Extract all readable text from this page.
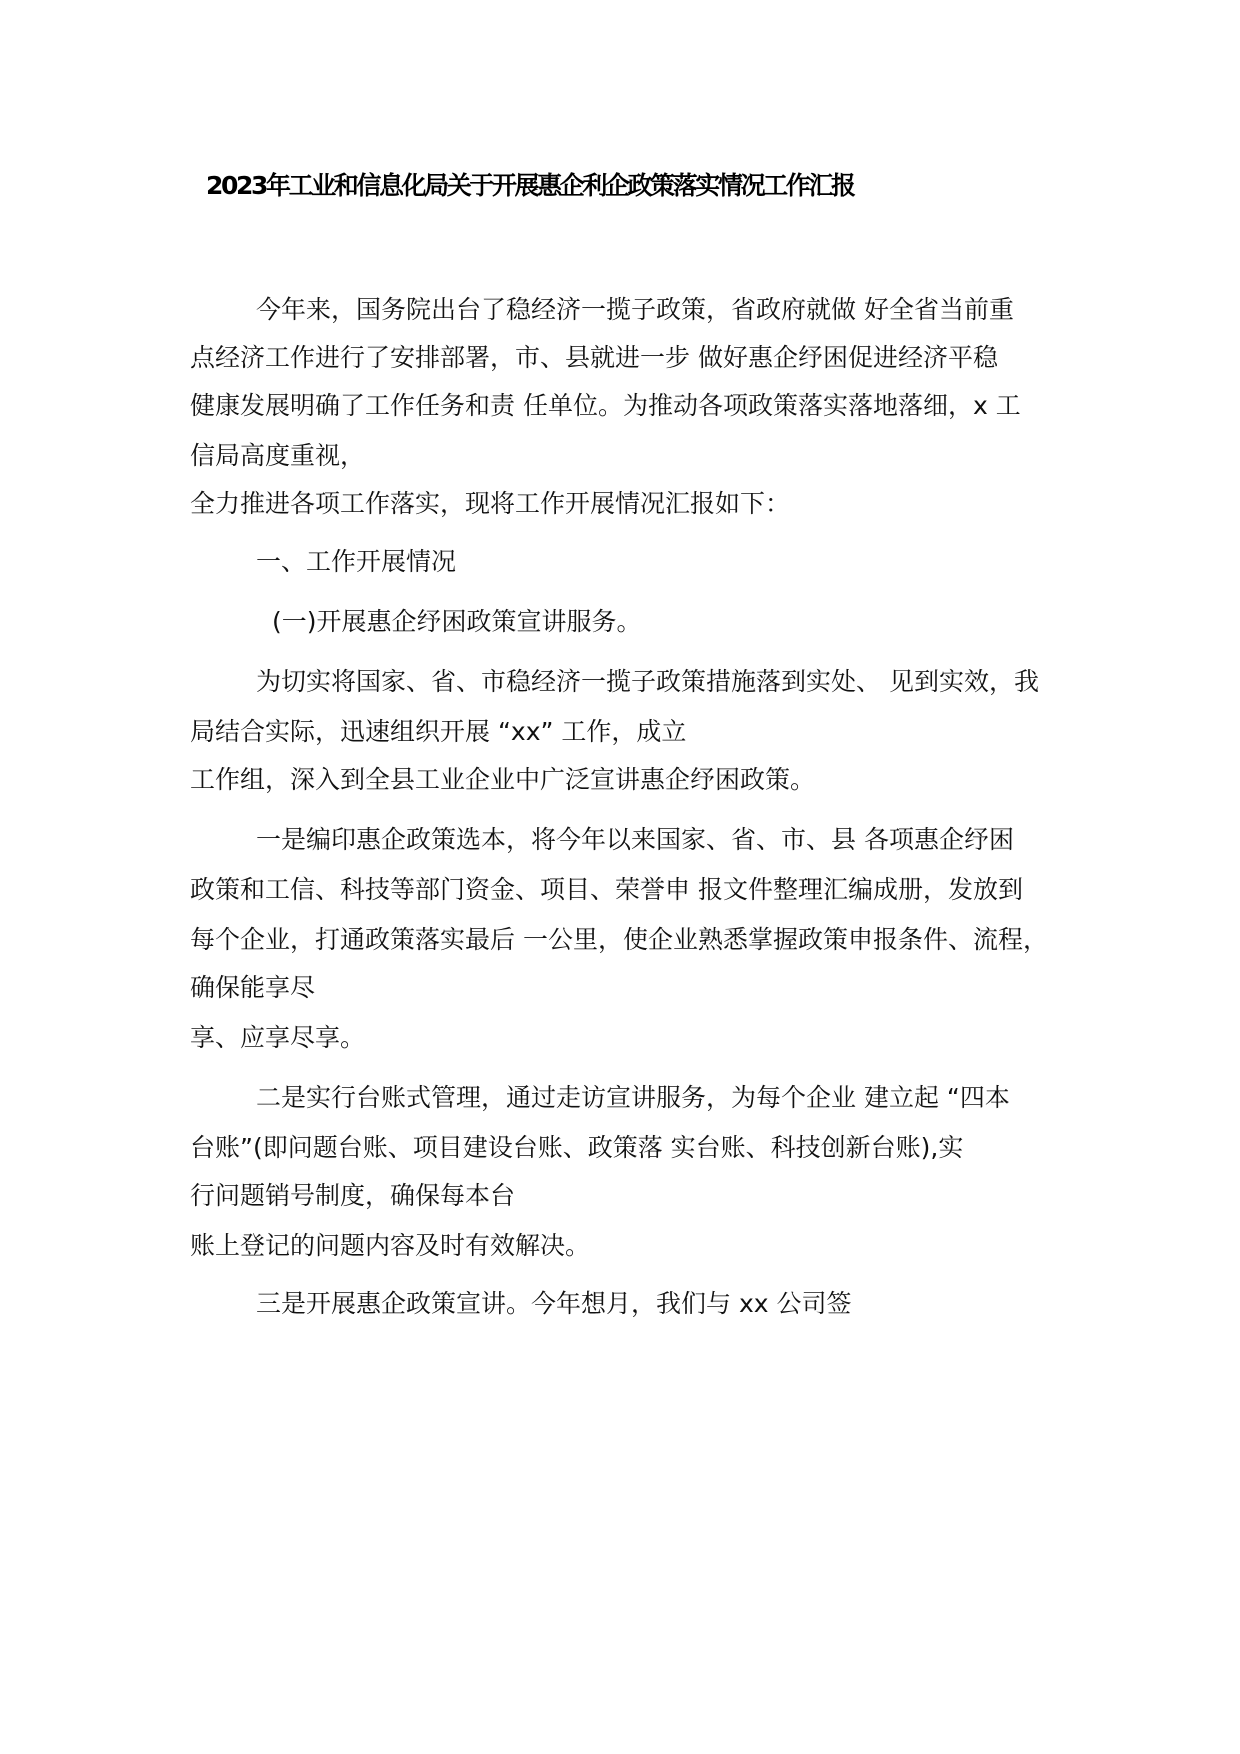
2023年工业和信息化局关于开展惠企利企政策落实情况工作汇报
今年来，国务院出台了稳经济一揽子政策，省政府就做 好全省当前重
点经济工作进行了安排部署，市、县就进一步 做好惠企纾困促进经济平稳
健康发展明确了工作任务和责 任单位。为推动各项政策落实落地落细，x 工
信局高度重视，
全力推进各项工作落实，现将工作开展情况汇报如下：
一、工作开展情况
(一)开展惠企纾困政策宣讲服务。
为切实将国家、省、市稳经济一揽子政策措施落到实处、 见到实效，我
局结合实际，迅速组织开展 “xx” 工作，成立
工作组，深入到全县工业企业中广泛宣讲惠企纾困政策。
一是编印惠企政策选本，将今年以来国家、省、市、县 各项惠企纾困
政策和工信、科技等部门资金、项目、荣誉申 报文件整理汇编成册，发放到
每个企业，打通政策落实最后 一公里，使企业熟悉掌握政策申报条件、流程，
确保能享尽
享、应享尽享。
二是实行台账式管理，通过走访宣讲服务，为每个企业 建立起 “四本
台账”(即问题台账、项目建设台账、政策落 实台账、科技创新台账),实
行问题销号制度，确保每本台
账上登记的问题内容及时有效解决。
三是开展惠企政策宣讲。今年想月，我们与 xx 公司签
